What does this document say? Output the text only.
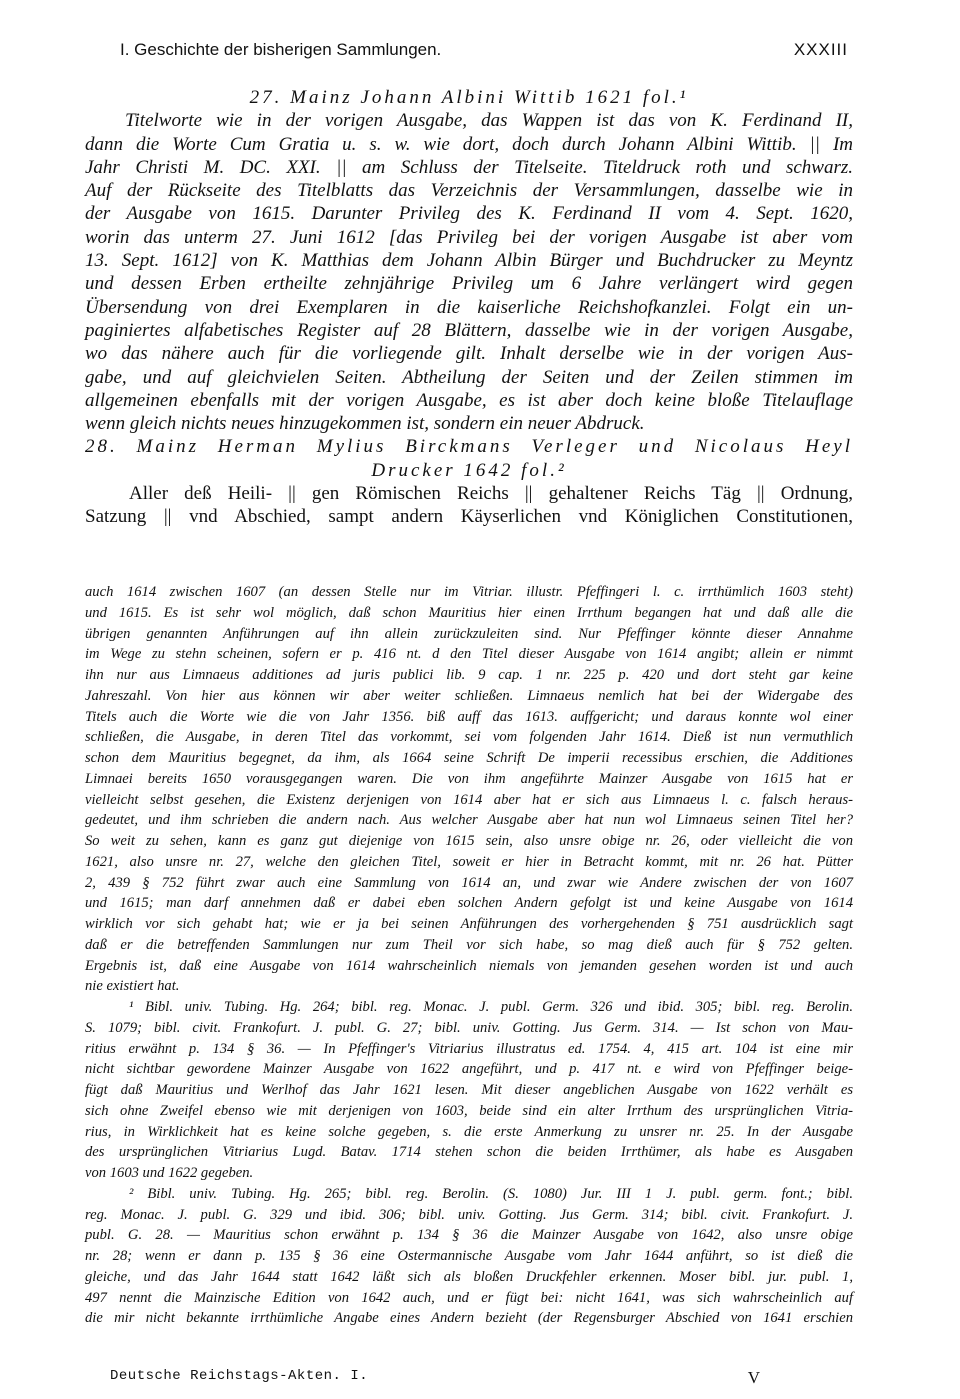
I. Geschichte der bisherigen Sammlungen.	XXXIII
27. Mainz Johann Albini Wittib 1621 fol.¹
Titelworte wie in der vorigen Ausgabe, das Wappen ist das von K. Ferdinand II,
dann die Worte Cum Gratia u. s. w. wie dort, doch durch Johann Albini Wittib. || Im
Jahr Christi M. DC. XXI. || am Schluss der Titelseite. Titeldruck roth und schwarz.
Auf der Rückseite des Titelblatts das Verzeichnis der Versammlungen, dasselbe wie in
der Ausgabe von 1615. Darunter Privileg des K. Ferdinand II vom 4. Sept. 1620,
worin das unterm 27. Juni 1612 [das Privileg bei der vorigen Ausgabe ist aber vom
13. Sept. 1612] von K. Matthias dem Johann Albin Bürger und Buchdrucker zu Meyntz
und dessen Erben ertheilte zehnjährige Privileg um 6 Jahre verlängert wird gegen
Übersendung von drei Exemplaren in die kaiserliche Reichshofkanzlei. Folgt ein un-
paginiertes alfabetisches Register auf 28 Blättern, dasselbe wie in der vorigen Ausgabe,
wo das nähere auch für die vorliegende gilt. Inhalt derselbe wie in der vorigen Aus-
gabe, und auf gleichvielen Seiten. Abtheilung der Seiten und der Zeilen stimmen im
allgemeinen ebenfalls mit der vorigen Ausgabe, es ist aber doch keine bloße Titelauflage
wenn gleich nichts neues hinzugekommen ist, sondern ein neuer Abdruck.
28. Mainz Herman Mylius Birckmans Verleger und Nicolaus Heyl
Drucker 1642 fol.²
Aller deß Heili- || gen Römischen Reichs || gehaltener Reichs Täg || Ordnung,
Satzung || vnd Abschied, sampt andern Käyserlichen vnd Königlichen Constitutionen,
auch 1614 zwischen 1607 (an dessen Stelle nur im Vitriar. illustr. Pfeffingeri l. c. irrthümlich 1603 steht)
und 1615. Es ist sehr wol möglich, daß schon Mauritius hier einen Irrthum begangen hat und daß alle die
übrigen genannten Anführungen auf ihn allein zurückzuleiten sind. Nur Pfeffinger könnte dieser Annahme
im Wege zu stehn scheinen, sofern er p. 416 nt. d den Titel dieser Ausgabe von 1614 angibt; allein er nimmt
ihn nur aus Limnaeus additiones ad juris publici lib. 9 cap. 1 nr. 225 p. 420 und dort steht gar keine
Jahreszahl. Von hier aus können wir aber weiter schließen. Limnaeus nemlich hat bei der Widergabe des
Titels auch die Worte wie die von Jahr 1356. biß auff das 1613. auffgericht; und daraus konnte wol einer
schließen, die Ausgabe, in deren Titel das vorkommt, sei vom folgenden Jahr 1614. Dieß ist nun vermuthlich
schon dem Mauritius begegnet, da ihm, als 1664 seine Schrift De imperii recessibus erschien, die Additiones
Limnaei bereits 1650 vorausgegangen waren. Die von ihm angeführte Mainzer Ausgabe von 1615 hat er
vielleicht selbst gesehen, die Existenz derjenigen von 1614 aber hat er sich aus Limnaeus l. c. falsch heraus-
gedeutet, und ihm schrieben die andern nach. Aus welcher Ausgabe aber hat nun wol Limnaeus seinen Titel her?
So weit zu sehen, kann es ganz gut diejenige von 1615 sein, also unsre obige nr. 26, oder vielleicht die von
1621, also unsre nr. 27, welche den gleichen Titel, soweit er hier in Betracht kommt, mit nr. 26 hat. Pütter
2, 439 § 752 führt zwar auch eine Sammlung von 1614 an, und zwar wie Andere zwischen der von 1607
und 1615; man darf annehmen daß er dabei eben solchen Andern gefolgt ist und keine Ausgabe von 1614
wirklich vor sich gehabt hat; wie er ja bei seinen Anführungen des vorhergehenden § 751 ausdrücklich sagt
daß er die betreffenden Sammlungen nur zum Theil vor sich habe, so mag dieß auch für § 752 gelten.
Ergebnis ist, daß eine Ausgabe von 1614 wahrscheinlich niemals von jemanden gesehen worden ist und auch
nie existiert hat.
¹ Bibl. univ. Tubing. Hg. 264; bibl. reg. Monac. J. publ. Germ. 326 und ibid. 305; bibl. reg. Berolin.
S. 1079; bibl. civit. Frankofurt. J. publ. G. 27; bibl. univ. Gotting. Jus Germ. 314. — Ist schon von Mau-
ritius erwähnt p. 134 § 36. — In Pfeffinger's Vitriarius illustratus ed. 1754. 4, 415 art. 104 ist eine mir
nicht sichtbar gewordene Mainzer Ausgabe von 1622 angeführt, und p. 417 nt. e wird von Pfeffinger beige-
fügt daß Mauritius und Werlhof das Jahr 1621 lesen. Mit dieser angeblichen Ausgabe von 1622 verhält es
sich ohne Zweifel ebenso wie mit derjenigen von 1603, beide sind ein alter Irrthum des ursprünglichen Vitria-
rius, in Wirklichkeit hat es keine solche gegeben, s. die erste Anmerkung zu unsrer nr. 25. In der Ausgabe
des ursprünglichen Vitriarius Lugd. Batav. 1714 stehen schon die beiden Irrthümer, als habe es Ausgaben
von 1603 und 1622 gegeben.
² Bibl. univ. Tubing. Hg. 265; bibl. reg. Berolin. (S. 1080) Jur. III 1 J. publ. germ. font.; bibl.
reg. Monac. J. publ. G. 329 und ibid. 306; bibl. univ. Gotting. Jus Germ. 314; bibl. civit. Frankofurt. J.
publ. G. 28. — Mauritius schon erwähnt p. 134 § 36 die Mainzer Ausgabe von 1642, also unsre obige
nr. 28; wenn er dann p. 135 § 36 eine Ostermannische Ausgabe vom Jahr 1644 anführt, so ist dieß die
gleiche, und das Jahr 1644 statt 1642 läßt sich als bloßen Druckfehler erkennen. Moser bibl. jur. publ. 1,
497 nennt die Mainzische Edition von 1642 auch, und er fügt bei: nicht 1641, was sich wahrscheinlich auf
die mir nicht bekannte irrthümliche Angabe eines Andern bezieht (der Regensburger Abschied von 1641 erschien
Deutsche Reichstags-Akten. I.	V
